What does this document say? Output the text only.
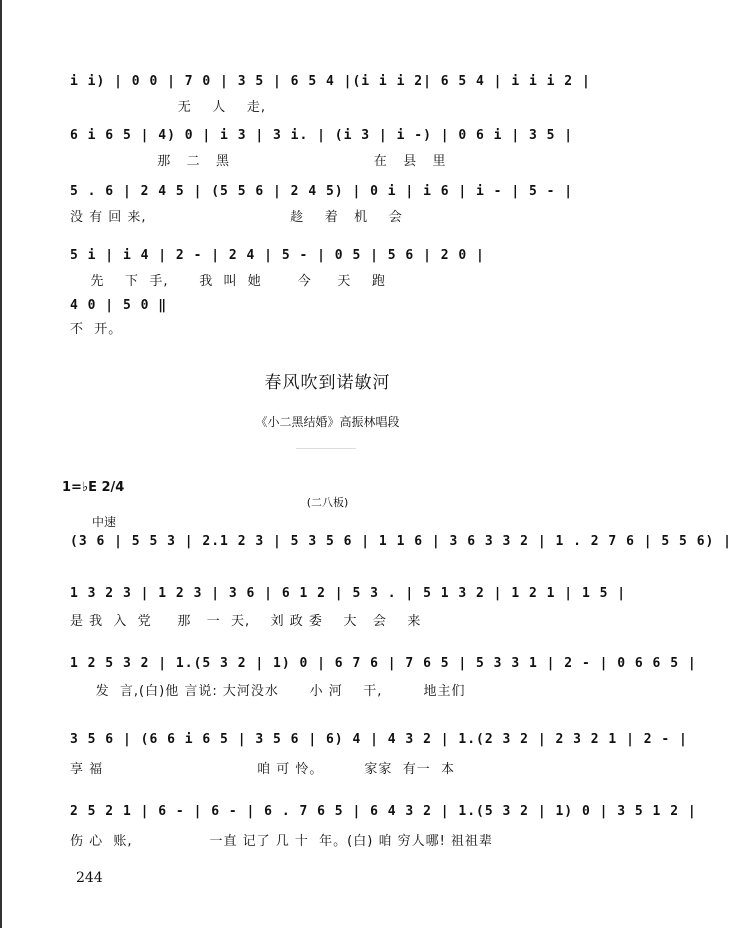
i i) | 0 0 | 7 0 | 3 5 | 6 5 4 |(i i i 2| 6 5 4 | i i i 2 |
无    人    走,
6 i 6 5 | 4) 0 | i 3 | 3 i. | (i 3 | i -) | 0 6 i | 3 5 |
那   二   黑                            在   县   里
5 . 6 | 2 4 5 | (5 5 6 | 2 4 5) | 0 i | i 6 | i - | 5 - |
没 有 回 来,                            趁    着   机    会
5 i | i 4 | 2 - | 2 4 | 5 - | 0 5 | 5 6 | 2 0 |
先    下  手,      我  叫  她       今     天    跑
4 0 | 5 0 ‖
不  开。
春风吹到诺敏河
《小二黑结婚》高振林唱段
1=♭E 2/4
(二八板)
中速
(3 6 | 5 5 3 | 2.1 2 3 | 5 3 5 6 | 1 1 6 | 3 6 3 3 2 | 1 . 2 7 6 | 5 5 6) |
1 3 2 3 | 1 2 3 | 3 6 | 6 1 2 | 5 3 . | 5 1 3 2 | 1 2 1 | 1 5 |
是 我  入  党     那   一  天,    刘 政 委    大   会    来
1 2 5 3 2 | 1.(5 3 2 | 1) 0 | 6 7 6 | 7 6 5 | 5 3 3 1 | 2 - | 0 6 6 5 |
发  言,(白)他 言说: 大河没水      小 河    干,        地主们
3 5 6 | (6 6 i 6 5 | 3 5 6 | 6) 4 | 4 3 2 | 1.(2 3 2 | 2 3 2 1 | 2 - |
享 福                              咱 可 怜。        家家  有一  本
2 5 2 1 | 6 - | 6 - | 6 . 7 6 5 | 6 4 3 2 | 1.(5 3 2 | 1) 0 | 3 5 1 2 |
伤 心  账,               一直 记了 几 十  年。(白) 咱 穷人哪! 祖祖辈
244
